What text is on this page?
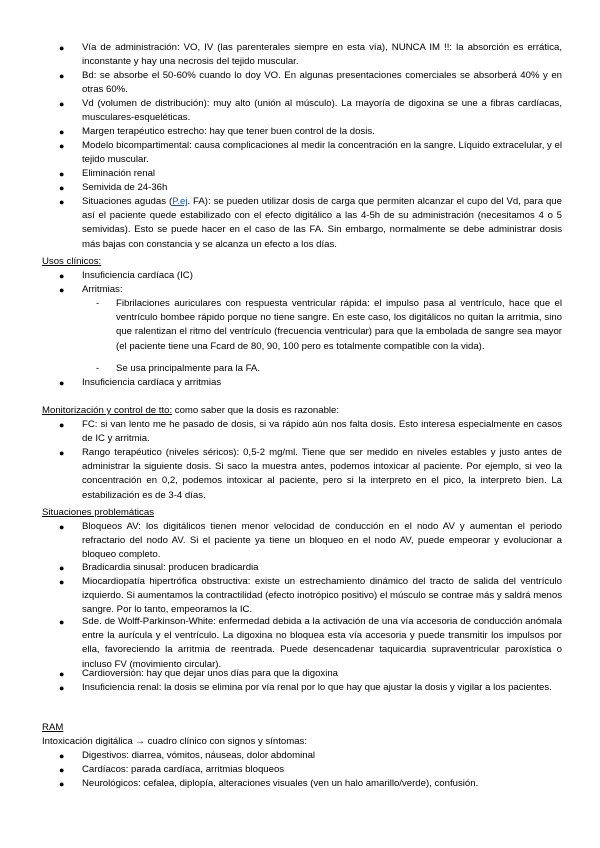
● Vía de administración: VO, IV (las parenterales siempre en esta vía), NUNCA IM !!: la absorción es errática, inconstante y hay una necrosis del tejido muscular.
● Bd: se absorbe el 50-60% cuando lo doy VO. En algunas presentaciones comerciales se absorberá 40% y en otras 60%.
● Vd (volumen de distribución): muy alto (unión al músculo). La mayoría de digoxina se une a fibras cardíacas, musculares-esqueléticas.
● Margen terapéutico estrecho: hay que tener buen control de la dosis.
● Modelo bicompartimental: causa complicaciones al medir la concentración en la sangre. Líquido extracelular, y el tejido muscular.
● Eliminación renal
● Semivida de 24-36h
● Situaciones agudas (P.ej. FA): se pueden utilizar dosis de carga que permiten alcanzar el cupo del Vd, para que así el paciente quede estabilizado con el efecto digitálico a las 4-5h de su administración (necesitamos 4 o 5 semividas). Esto se puede hacer en el caso de las FA. Sin embargo, normalmente se debe administrar dosis más bajas con constancia y se alcanza un efecto a los días.
Usos clínicos:
● Insuficiencia cardíaca (IC)
● Arritmias:
- Fibrilaciones auriculares con respuesta ventricular rápida: el impulso pasa al ventrículo, hace que el ventrículo bombee rápido porque no tiene sangre. En este caso, los digitálicos no quitan la arritmia, sino que ralentizan el ritmo del ventrículo (frecuencia ventricular) para que la embolada de sangre sea mayor (el paciente tiene una Fcard de 80, 90, 100 pero es totalmente compatible con la vida).
- Se usa principalmente para la FA.
● Insuficiencia cardíaca y arritmias
Monitorización y control de tto: como saber que la dosis es razonable:
● FC: si van lento me he pasado de dosis, si va rápido aún nos falta dosis. Esto interesa especialmente en casos de IC y arritmia.
● Rango terapéutico (niveles séricos): 0,5-2 mg/ml. Tiene que ser medido en niveles estables y justo antes de administrar la siguiente dosis. Si saco la muestra antes, podemos intoxicar al paciente. Por ejemplo, si veo la concentración en 0,2, podemos intoxicar al paciente, pero si la interpreto en el pico, la interpreto bien. La estabilización es de 3-4 días.
Situaciones problemáticas
● Bloqueos AV: los digitálicos tienen menor velocidad de conducción en el nodo AV y aumentan el periodo refractario del nodo AV. Si el paciente ya tiene un bloqueo en el nodo AV, puede empeorar y evolucionar a bloqueo completo.
● Bradicardia sinusal: producen bradicardia
● Miocardiopatía hipertrófica obstructiva: existe un estrechamiento dinámico del tracto de salida del ventrículo izquierdo. Si aumentamos la contractilidad (efecto inotrópico positivo) el músculo se contrae más y saldrá menos sangre. Por lo tanto, empeoramos la IC.
● Sde. de Wolff-Parkinson-White: enfermedad debida a la activación de una vía accesoria de conducción anómala entre la aurícula y el ventrículo. La digoxina no bloquea esta vía accesoria y puede transmitir los impulsos por ella, favoreciendo la arritmia de reentrada. Puede desencadenar taquicardia supraventricular paroxística o incluso FV (movimiento circular).
● Cardioversión: hay que dejar unos días para que la digoxina
● Insuficiencia renal: la dosis se elimina por vía renal por lo que hay que ajustar la dosis y vigilar a los pacientes.
RAM
Intoxicación digitálica → cuadro clínico con signos y síntomas:
● Digestivos: diarrea, vómitos, náuseas, dolor abdominal
● Cardíacos: parada cardíaca, arritmias bloqueos
● Neurológicos: cefalea, diplopía, alteraciones visuales (ven un halo amarillo/verde), confusión.
